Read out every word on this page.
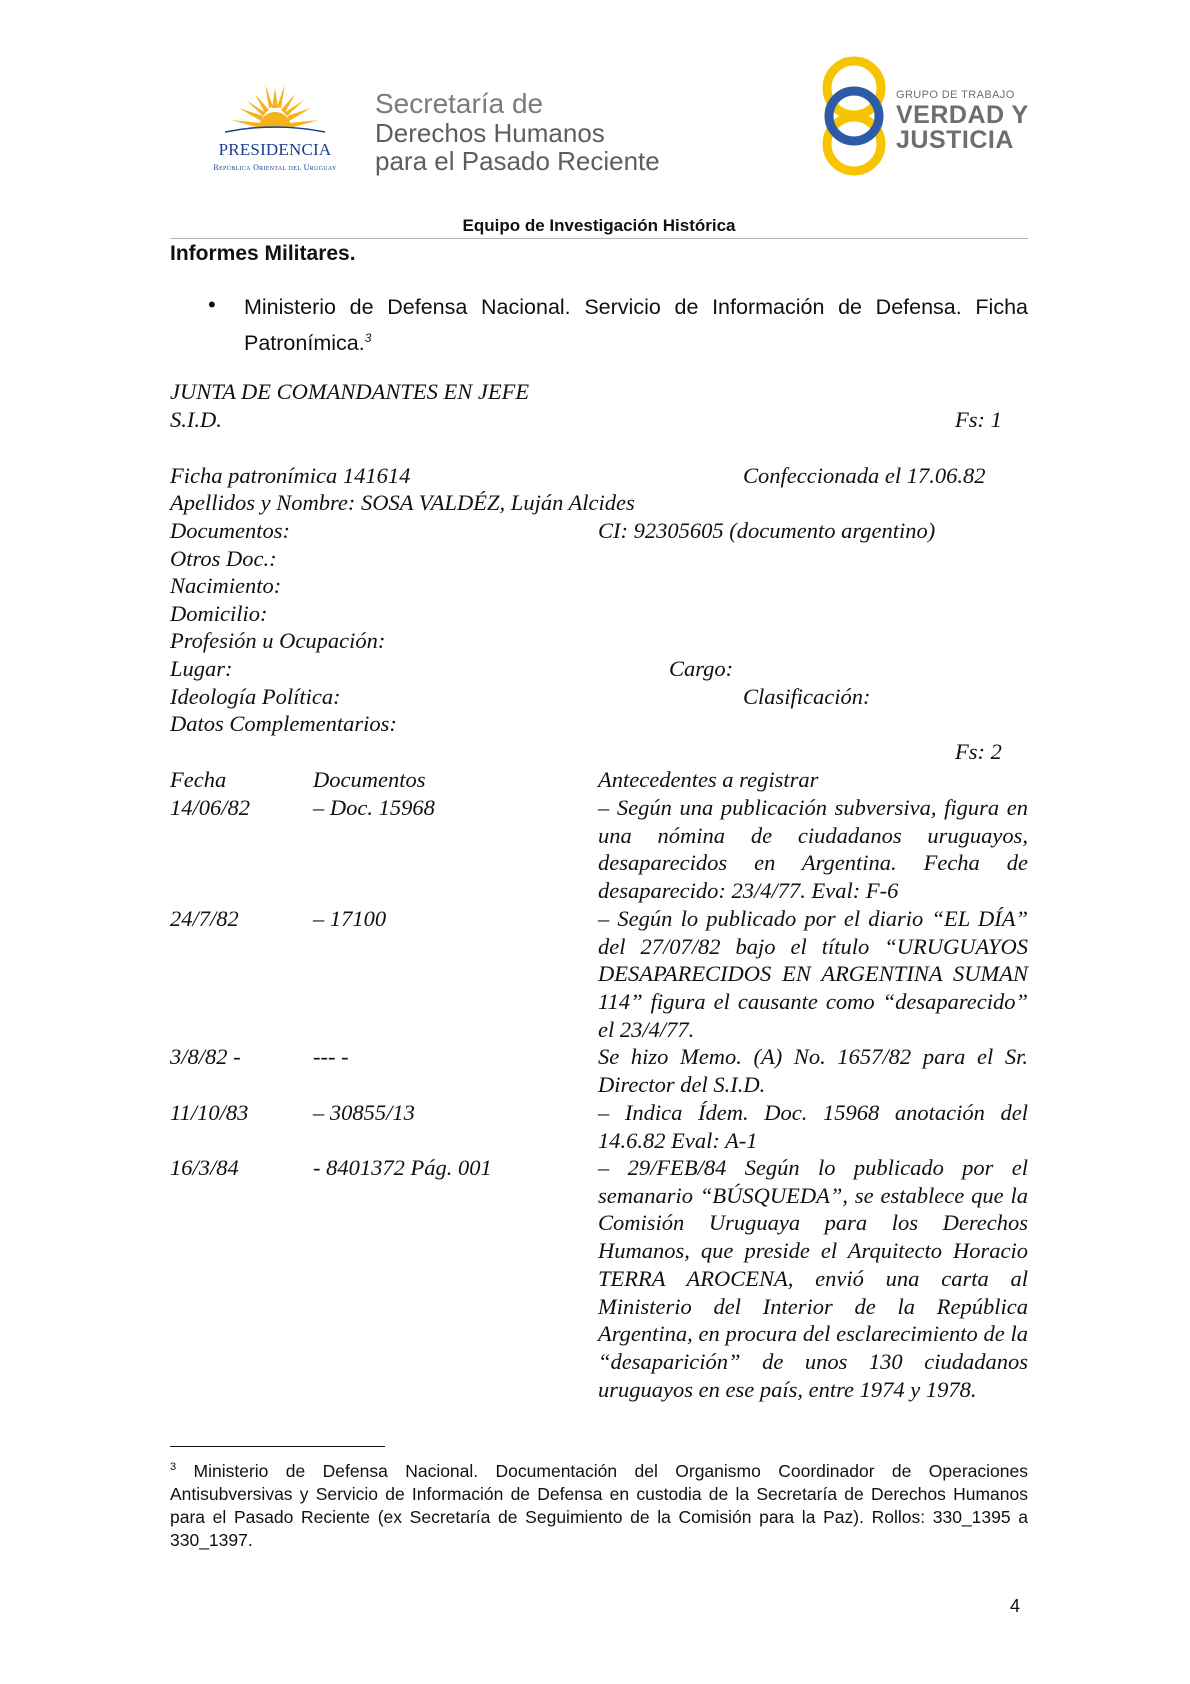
PRESIDENCIA
República Oriental del Uruguay
Secretaría de
Derechos Humanos
para el Pasado Reciente
GRUPO DE TRABAJO
VERDAD Y
JUSTICIA
Equipo de Investigación Histórica
Informes Militares.
• Ministerio de Defensa Nacional. Servicio de Información de Defensa. Ficha Patronímica.$^3$
JUNTA DE COMANDANTES EN JEFE
S.I.D.	Fs: 1
Ficha patronímica 141614	Confeccionada el 17.06.82
Apellidos y Nombre: SOSA VALDÉZ, Luján Alcides
Documentos:	CI: 92305605 (documento argentino)
Otros Doc.:
Nacimiento:
Domicilio:
Profesión u Ocupación:
Lugar:	Cargo:
Ideología Política:	Clasificación:
Datos Complementarios:
Fs: 2
Fecha	Documentos	Antecedentes a registrar
14/06/82	– Doc. 15968	– Según una publicación subversiva, figura en una nómina de ciudadanos uruguayos, desaparecidos en Argentina. Fecha de desaparecido: 23/4/77. Eval: F-6
24/7/82	– 17100	– Según lo publicado por el diario “EL DÍA” del 27/07/82 bajo el título “URUGUAYOS DESAPARECIDOS EN ARGENTINA SUMAN 114” figura el causante como “desaparecido” el 23/4/77.
3/8/82 -	--- -	Se hizo Memo. (A) No. 1657/82 para el Sr. Director del S.I.D.
11/10/83	– 30855/13	– Indica Ídem. Doc. 15968 anotación del 14.6.82 Eval: A-1
16/3/84	- 8401372 Pág. 001	– 29/FEB/84 Según lo publicado por el semanario “BÚSQUEDA”, se establece que la Comisión Uruguaya para los Derechos Humanos, que preside el Arquitecto Horacio TERRA AROCENA, envió una carta al Ministerio del Interior de la República Argentina, en procura del esclarecimiento de la “desaparición” de unos 130 ciudadanos uruguayos en ese país, entre 1974 y 1978.
$^3$ Ministerio de Defensa Nacional. Documentación del Organismo Coordinador de Operaciones Antisubversivas y Servicio de Información de Defensa en custodia de la Secretaría de Derechos Humanos para el Pasado Reciente (ex Secretaría de Seguimiento de la Comisión para la Paz). Rollos: 330_1395 a 330_1397.
4
